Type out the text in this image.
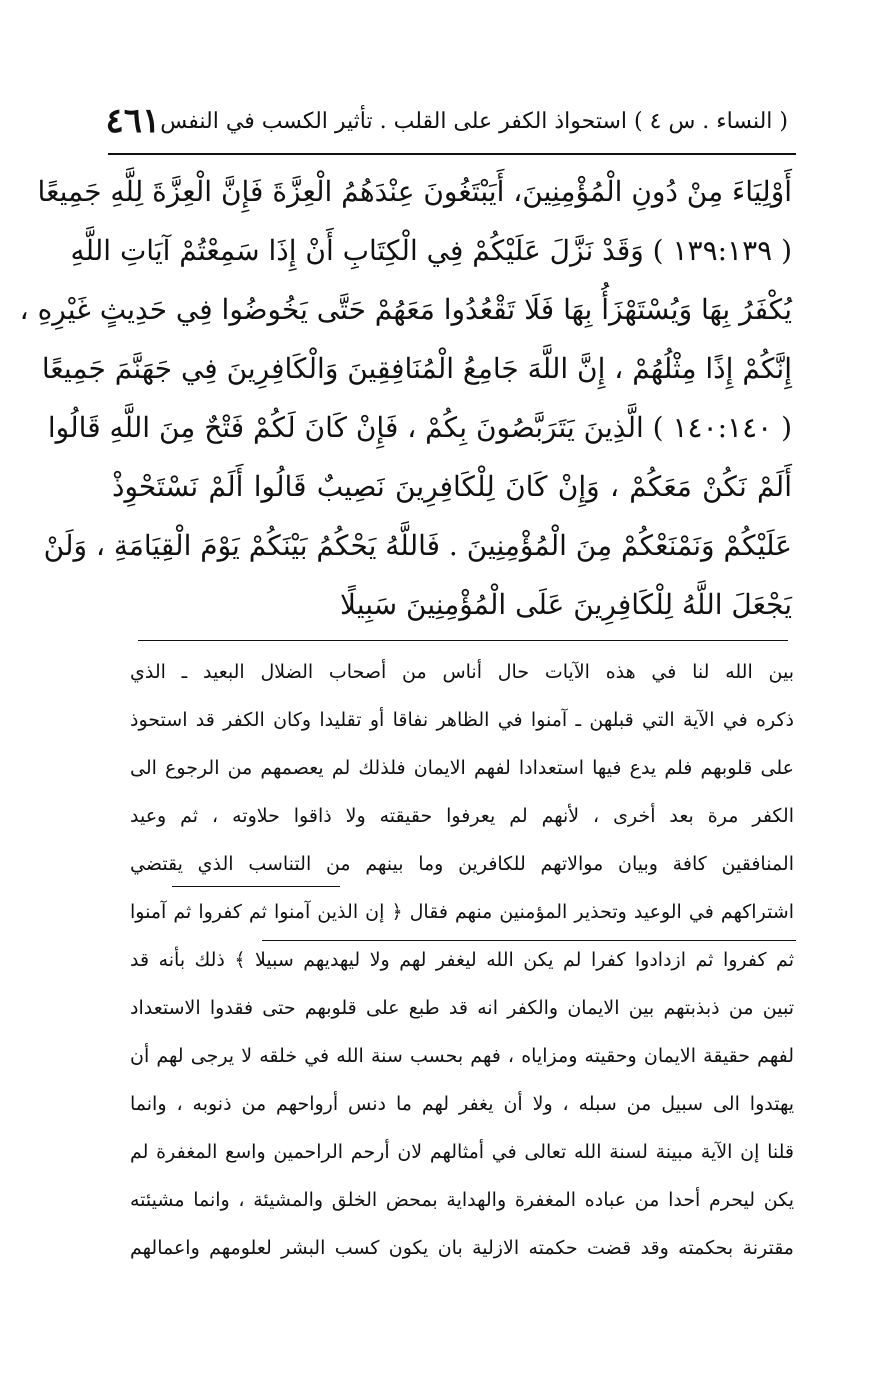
( النساء . س ٤ ) استحواذ الكفر على القلب . تأثير الكسب في النفس
٤٦١
أَوْلِيَاءَ مِنْ دُونِ الْمُؤْمِنِينَ، أَيَبْتَغُونَ عِنْدَهُمُ الْعِزَّةَ فَإِنَّ الْعِزَّةَ لِلَّهِ جَمِيعًا
( ١٣٩:١٣٩ ) وَقَدْ نَزَّلَ عَلَيْكُمْ فِي الْكِتَابِ أَنْ إِذَا سَمِعْتُمْ آيَاتِ اللَّهِ
يُكْفَرُ بِهَا وَيُسْتَهْزَأُ بِهَا فَلَا تَقْعُدُوا مَعَهُمْ حَتَّى يَخُوضُوا فِي حَدِيثٍ غَيْرِهِ ،
إِنَّكُمْ إِذًا مِثْلُهُمْ ، إِنَّ اللَّهَ جَامِعُ الْمُنَافِقِينَ وَالْكَافِرِينَ فِي جَهَنَّمَ جَمِيعًا
( ١٤٠:١٤٠ ) الَّذِينَ يَتَرَبَّصُونَ بِكُمْ ، فَإِنْ كَانَ لَكُمْ فَتْحٌ مِنَ اللَّهِ قَالُوا
أَلَمْ نَكُنْ مَعَكُمْ ، وَإِنْ كَانَ لِلْكَافِرِينَ نَصِيبٌ قَالُوا أَلَمْ نَسْتَحْوِذْ
عَلَيْكُمْ وَنَمْنَعْكُمْ مِنَ الْمُؤْمِنِينَ . فَاللَّهُ يَحْكُمُ بَيْنَكُمْ يَوْمَ الْقِيَامَةِ ، وَلَنْ
يَجْعَلَ اللَّهُ لِلْكَافِرِينَ عَلَى الْمُؤْمِنِينَ سَبِيلًا
بين الله لنا في هذه الآيات حال أناس من أصحاب الضلال البعيد ـ الذي
ذكره في الآية التي قبلهن ـ آمنوا في الظاهر نفاقا أو تقليدا وكان الكفر قد استحوذ
على قلوبهم فلم يدع فيها استعدادا لفهم الايمان فلذلك لم يعصمهم من الرجوع الى
الكفر مرة بعد أخرى ، لأنهم لم يعرفوا حقيقته ولا ذاقوا حلاوته ، ثم وعيد
المنافقين كافة وبيان موالاتهم للكافرين وما بينهم من التناسب الذي يقتضي
اشتراكهم في الوعيد وتحذير المؤمنين منهم فقال ﴿ إن الذين آمنوا ثم كفروا ثم آمنوا
ثم كفروا ثم ازدادوا كفرا لم يكن الله ليغفر لهم ولا ليهديهم سبيلا ﴾ ذلك بأنه قد
تبين من ذبذبتهم بين الايمان والكفر انه قد طبع على قلوبهم حتى فقدوا الاستعداد
لفهم حقيقة الايمان وحقيته ومزاياه ، فهم بحسب سنة الله في خلقه لا يرجى لهم أن
يهتدوا الى سبيل من سبله ، ولا أن يغفر لهم ما دنس أرواحهم من ذنوبه ، وانما
قلنا إن الآية مبينة لسنة الله تعالى في أمثالهم لان أرحم الراحمين واسع المغفرة لم
يكن ليحرم أحدا من عباده المغفرة والهداية بمحض الخلق والمشيئة ، وانما مشيئته
مقترنة بحكمته وقد قضت حكمته الازلية بان يكون كسب البشر لعلومهم واعمالهم
